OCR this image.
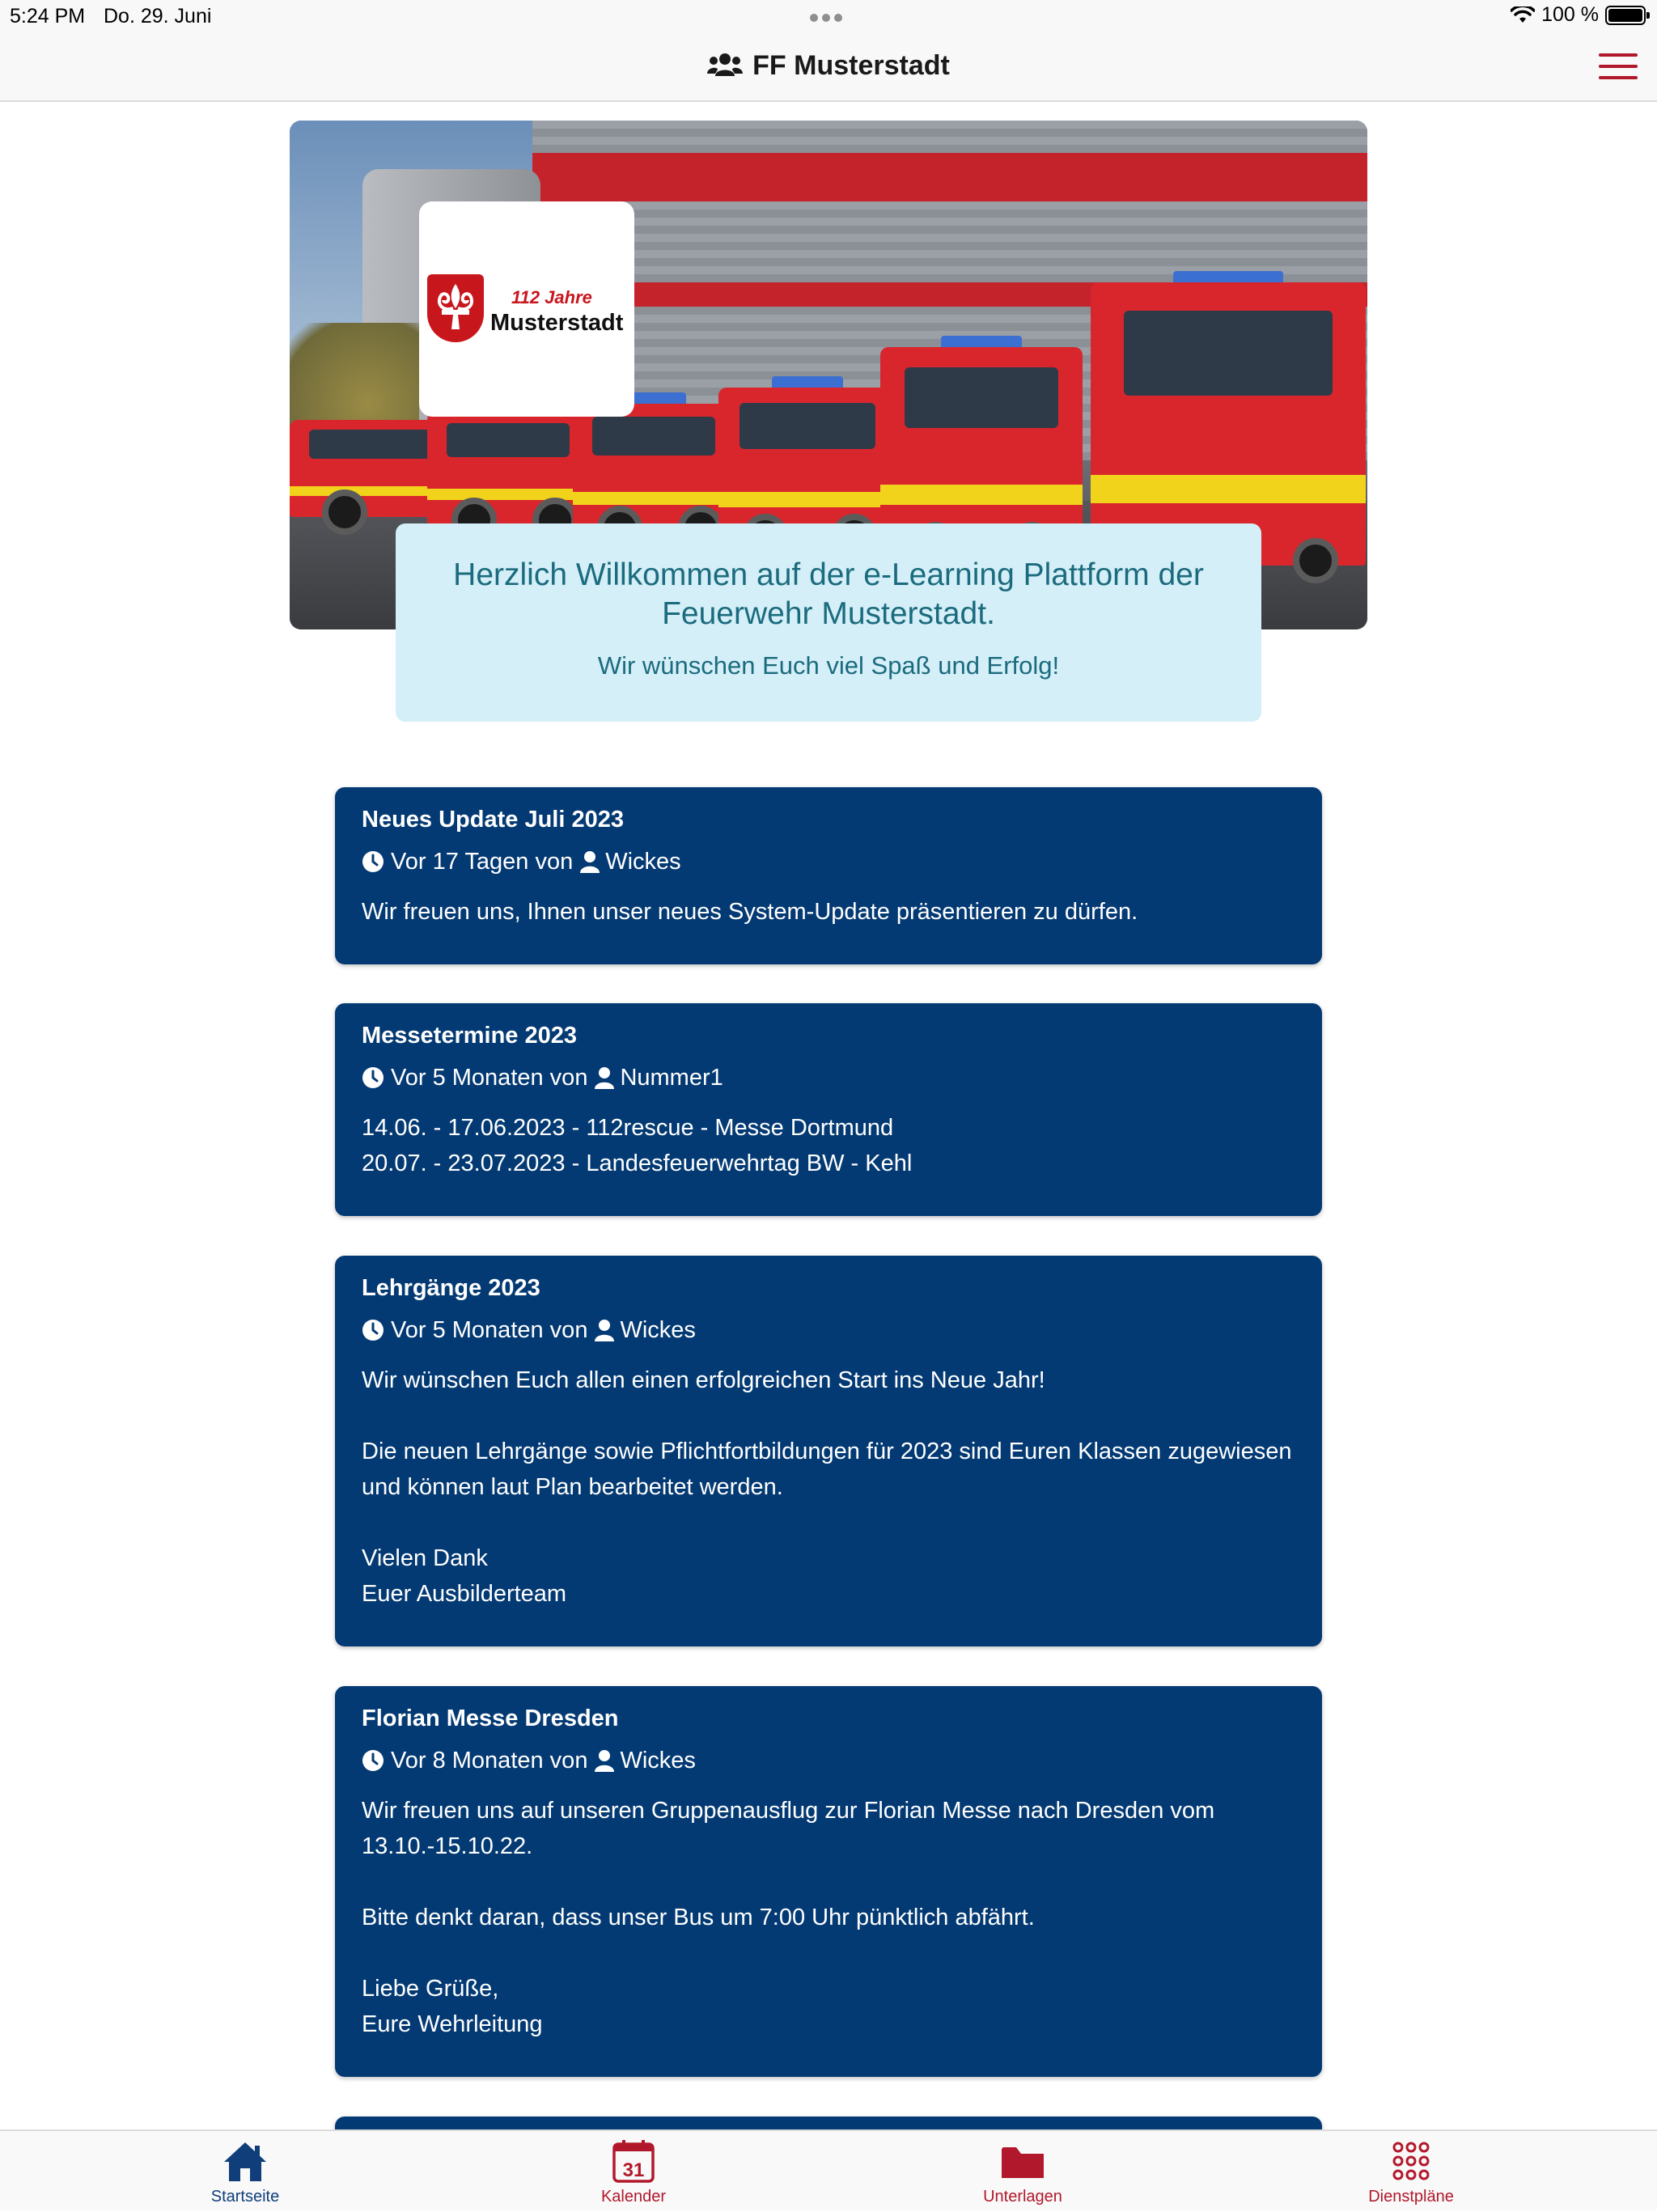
5:24 PM Do. 29. Juni	100 %
FF Musterstadt
112 Jahre
Musterstadt
Herzlich Willkommen auf der e-Learning Plattform der Feuerwehr Musterstadt.

Wir wünschen Euch viel Spaß und Erfolg!

Neues Update Juli 2023
Vor 17 Tagen von Wickes

Wir freuen uns, Ihnen unser neues System-Update präsentieren zu dürfen.

Messetermine 2023
Vor 5 Monaten von Nummer1

14.06. - 17.06.2023 - 112rescue - Messe Dortmund

20.07. - 23.07.2023 - Landesfeuerwehrtag BW - Kehl

Lehrgänge 2023
Vor 5 Monaten von Wickes

Wir wünschen Euch allen einen erfolgreichen Start ins Neue Jahr!

Die neuen Lehrgänge sowie Pflichtfortbildungen für 2023 sind Euren Klassen zugewiesen und können laut Plan bearbeitet werden.

Vielen Dank

Euer Ausbilderteam

Florian Messe Dresden
Vor 8 Monaten von Wickes

Wir freuen uns auf unseren Gruppenausflug zur Florian Messe nach Dresden vom 13.10.-15.10.22.

Bitte denkt daran, dass unser Bus um 7:00 Uhr pünktlich abfährt.

Liebe Grüße,

Eure Wehrleitung

Startseite
31
Kalender	Unterlagen	Dienstpläne
